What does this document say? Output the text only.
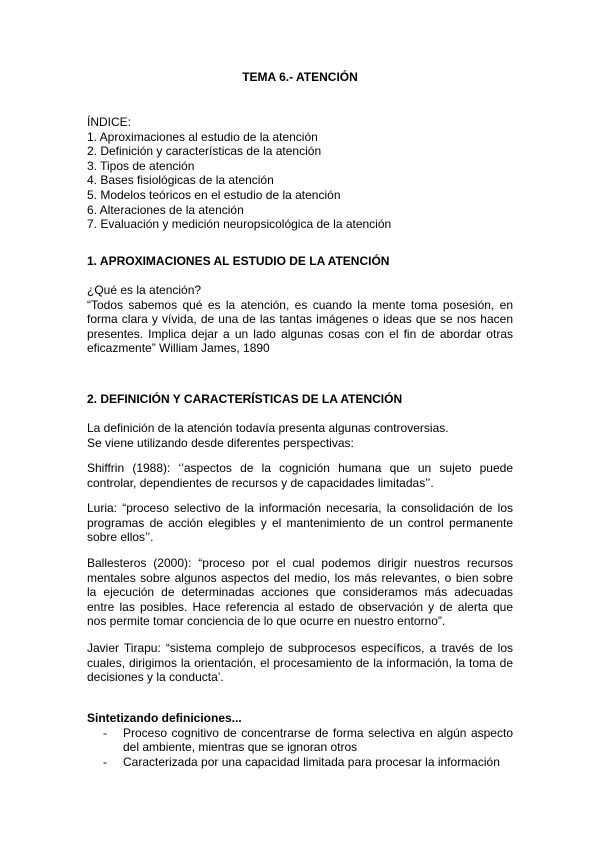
TEMA 6.- ATENCIÓN
ÍNDICE:
1. Aproximaciones al estudio de la atención
2. Definición y características de la atención
3. Tipos de atención
4. Bases fisiológicas de la atención
5. Modelos teóricos en el estudio de la atención
6. Alteraciones de la atención
7. Evaluación y medición neuropsicológica de la atención
1. APROXIMACIONES AL ESTUDIO DE LA ATENCIÓN
¿Qué es la atención?
“Todos sabemos qué es la atención, es cuando la mente toma posesión, en
forma clara y vívida, de una de las tantas imágenes o ideas que se nos hacen
presentes. Implica dejar a un lado algunas cosas con el fin de abordar otras
eficazmente” William James, 1890
2. DEFINICIÓN Y CARACTERÍSTICAS DE LA ATENCIÓN
La definición de la atención todavía presenta algunas controversias.
Se viene utilizando desde diferentes perspectivas:
Shiffrin (1988): ‘’aspectos de la cognición humana que un sujeto puede
controlar, dependientes de recursos y de capacidades limitadas’’.
Luria: “proceso selectivo de la información necesaria, la consolidación de los
programas de acción elegibles y el mantenimiento de un control permanente
sobre ellos’’.
Ballesteros (2000): “proceso por el cual podemos dirigir nuestros recursos
mentales sobre algunos aspectos del medio, los más relevantes, o bien sobre
la ejecución de determinadas acciones que consideramos más adecuadas
entre las posibles. Hace referencia al estado de observación y de alerta que
nos permite tomar conciencia de lo que ocurre en nuestro entorno”.
Javier Tirapu: “sistema complejo de subprocesos específicos, a través de los
cuales, dirigimos la orientación, el procesamiento de la información, la toma de
decisiones y la conducta’.
Sintetizando definiciones...
- Proceso cognitivo de concentrarse de forma selectiva en algún aspecto
del ambiente, mientras que se ignoran otros
- Caracterizada por una capacidad limitada para procesar la información
